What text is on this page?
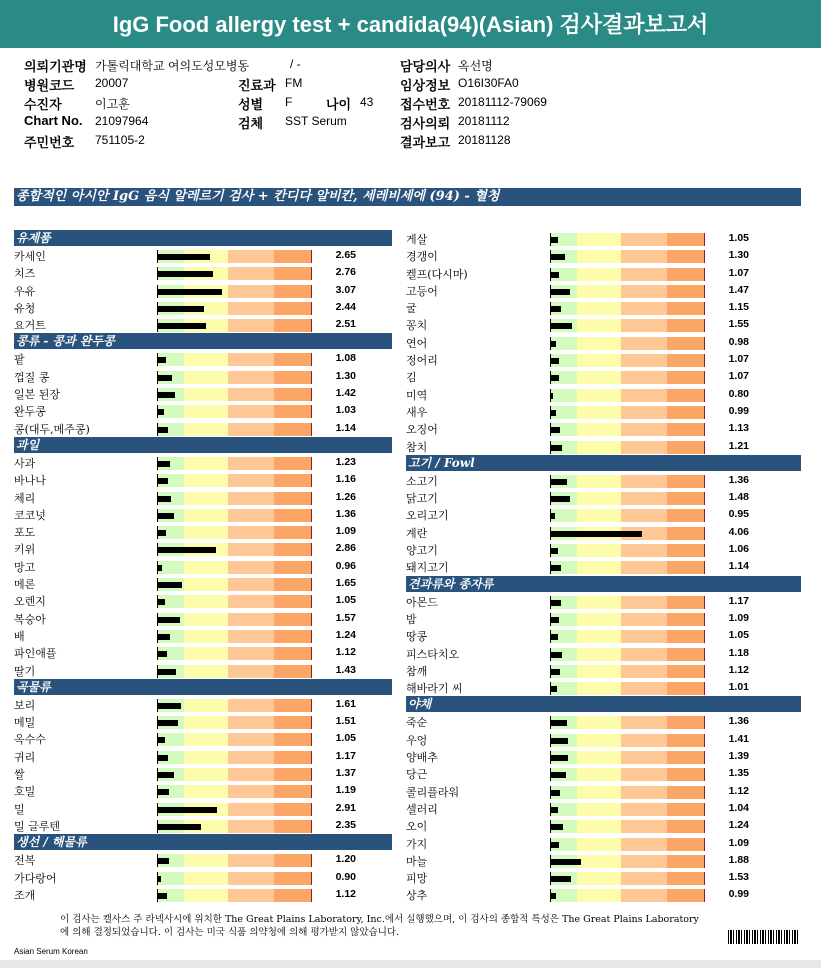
IgG Food allergy test + candida(94)(Asian) 검사결과보고서
의뢰기관명 가톨릭대학교 여의도성모병동	/ -	담당의사 옥선명
병원코드 20007	진료과 FM	임상정보 O16I30FA0
수진자	이고훈	성별 F	나이 43 접수번호 20181112-79069
Chart No. 21097964	검체 SST Serum	검사의뢰 20181112
주민번호 751105-2	결과보고 20181128
종합적인 아시안 IgG 음식 알레르기 검사 + 칸디다 알비칸, 세레비세에 (94) - 혈청
유제품
카세인	2.65
치즈	2.76
우유	3.07
유청	2.44
요거트	2.51
콩류 - 콩과 완두콩
팥	1.08
껍질 콩	1.30
일본 된장	1.42
완두콩	1.03
콩(대두,메주콩)	1.14
과일
사과	1.23
바나나	1.16
체리	1.26
코코넛	1.36
포도	1.09
키위	2.86
망고	0.96
메론	1.65
오렌지	1.05
복숭아	1.57
배	1.24
파인애플	1.12
딸기	1.43
곡물류
보리	1.61
메밀	1.51
옥수수	1.05
귀리	1.17
쌀	1.37
호밀	1.19
밀	2.91
밀 글루텐	2.35
생선 / 해물류
전복	1.20
가다랑어	0.90
조개	1.12
게살	1.05
경갱이	1.30
켈프(다시마)	1.07
고등어	1.47
굴	1.15
꽁치	1.55
연어	0.98
정어리	1.07
김	1.07
미역	0.80
새우	0.99
오징어	1.13
참치	1.21
고기 / Fowl
소고기	1.36
닭고기	1.48
오리고기	0.95
계란	4.06
양고기	1.06
돼지고기	1.14
견과류와 종자류
아몬드	1.17
밤	1.09
땅콩	1.05
피스타치오	1.18
참깨	1.12
해바라기 씨	1.01
야채
죽순	1.36
우엉	1.41
양배추	1.39
당근	1.35
콜리플라워	1.12
셀러리	1.04
오이	1.24
가지	1.09
마늘	1.88
피망	1.53
상추	0.99
이 검사는 캘사스 주 라넥사시에 위치한 The Great Plains Laboratory, Inc.에서 실행했으며, 이 검사의 종합적 특성은 The Great Plains Laboratory에 의해 결정되었습니다. 이 검사는 미국 식품 의약청에 의해 평가받지 않았습니다.
Asian Serum Korean
